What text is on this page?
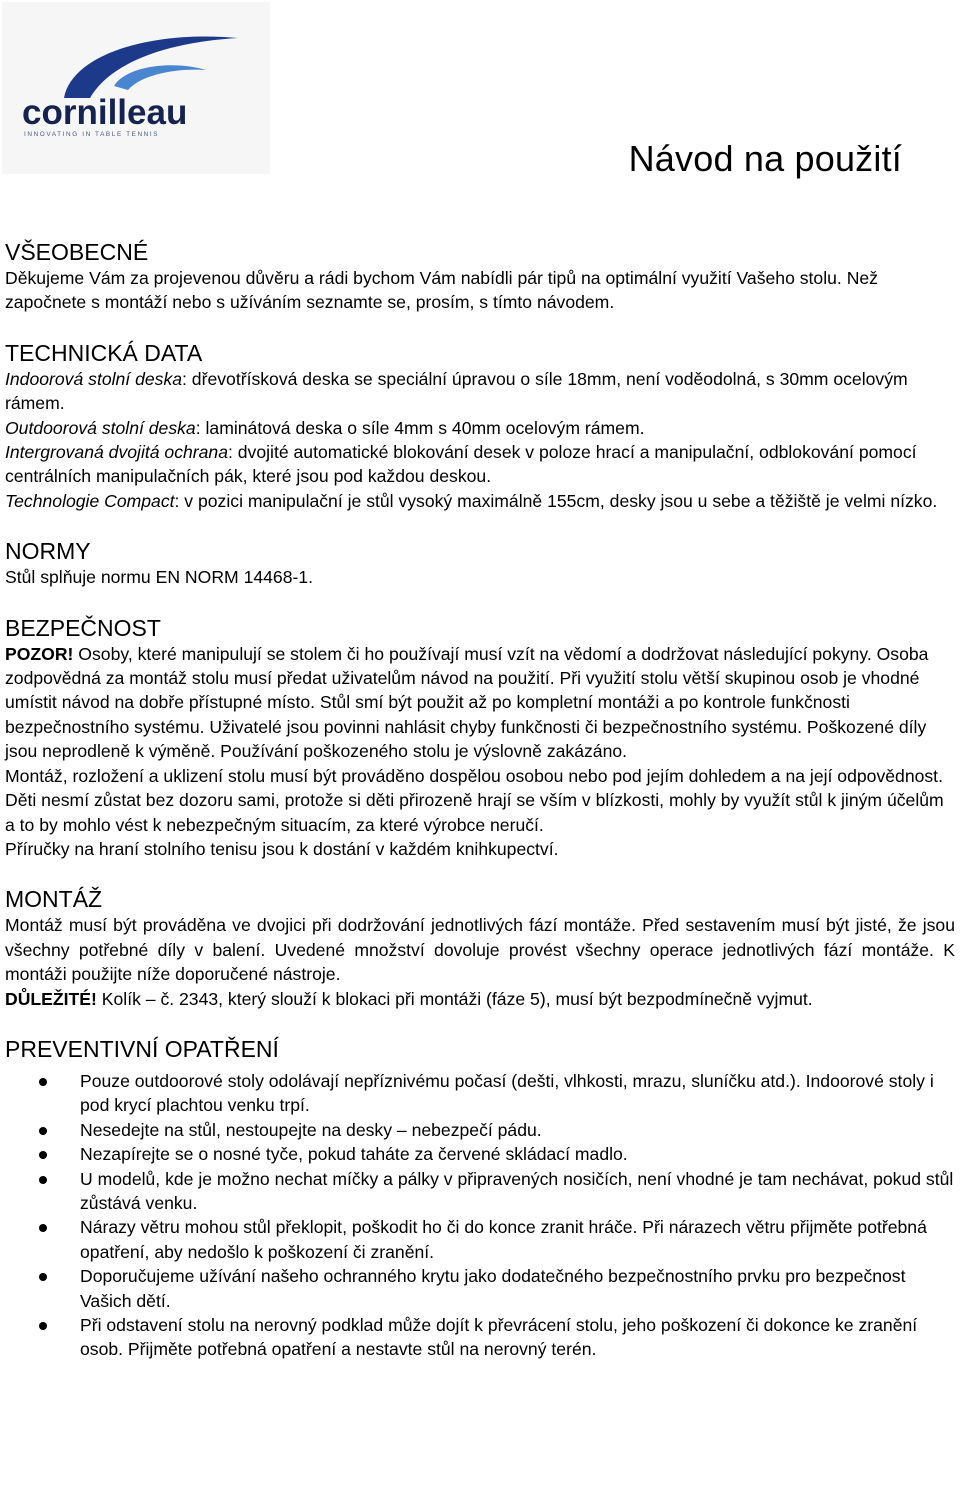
cornilleau
INNOVATING IN TABLE TENNIS
Návod na použití
VŠEOBECNÉ

Děkujeme Vám za projevenou důvěru a rádi bychom Vám nabídli pár tipů na optimální využití Vašeho stolu. Než započnete s montáží nebo s užíváním seznamte se, prosím, s tímto návodem.

TECHNICKÁ DATA

Indoorová stolní deska: dřevotřísková deska se speciální úpravou o síle 18mm, není voděodolná, s 30mm ocelovým rámem.

Outdoorová stolní deska: laminátová deska o síle 4mm s 40mm ocelovým rámem.

Intergrovaná dvojitá ochrana: dvojité automatické blokování desek v poloze hrací a manipulační, odblokování pomocí centrálních manipulačních pák, které jsou pod každou deskou.

Technologie Compact: v pozici manipulační je stůl vysoký maximálně 155cm, desky jsou u sebe a těžiště je velmi nízko.

NORMY

Stůl splňuje normu EN NORM 14468-1.

BEZPEČNOST

POZOR! Osoby, které manipulují se stolem či ho používají musí vzít na vědomí a dodržovat následující pokyny. Osoba zodpovědná za montáž stolu musí předat uživatelům návod na použití. Při využití stolu větší skupinou osob je vhodné umístit návod na dobře přístupné místo. Stůl smí být použit až po kompletní montáži a po kontrole funkčnosti bezpečnostního systému. Uživatelé jsou povinni nahlásit chyby funkčnosti či bezpečnostního systému. Poškozené díly jsou neprodleně k výměně. Používání poškozeného stolu je výslovně zakázáno.

Montáž, rozložení a uklizení stolu musí být prováděno dospělou osobou nebo pod jejím dohledem a na její odpovědnost. Děti nesmí zůstat bez dozoru sami, protože si děti přirozeně hrají se vším v blízkosti, mohly by využít stůl k jiným účelům a to by mohlo vést k nebezpečným situacím, za které výrobce neručí.

Příručky na hraní stolního tenisu jsou k dostání v každém knihkupectví.

MONTÁŽ

Montáž musí být prováděna ve dvojici při dodržování jednotlivých fází montáže. Před sestavením musí být jisté, že jsou všechny potřebné díly v balení. Uvedené množství dovoluje provést všechny operace jednotlivých fází montáže. K montáži použijte níže doporučené nástroje.

DŮLEŽITÉ! Kolík – č. 2343, který slouží k blokaci při montáži (fáze 5), musí být bezpodmínečně vyjmut.

PREVENTIVNÍ OPATŘENÍ
Pouze outdoorové stoly odolávají nepříznivému počasí (dešti, vlhkosti, mrazu, sluníčku atd.). Indoorové stoly i pod krycí plachtou venku trpí.
Nesedejte na stůl, nestoupejte na desky – nebezpečí pádu.
Nezapírejte se o nosné tyče, pokud taháte za červené skládací madlo.
U modelů, kde je možno nechat míčky a pálky v připravených nosičích, není vhodné je tam nechávat, pokud stůl zůstává venku.
Nárazy větru mohou stůl překlopit, poškodit ho či do konce zranit hráče. Při nárazech větru přijměte potřebná opatření, aby nedošlo k poškození či zranění.
Doporučujeme užívání našeho ochranného krytu jako dodatečného bezpečnostního prvku pro bezpečnost Vašich dětí.
Při odstavení stolu na nerovný podklad může dojít k převrácení stolu, jeho poškození či dokonce ke zranění osob. Přijměte potřebná opatření a nestavte stůl na nerovný terén.
